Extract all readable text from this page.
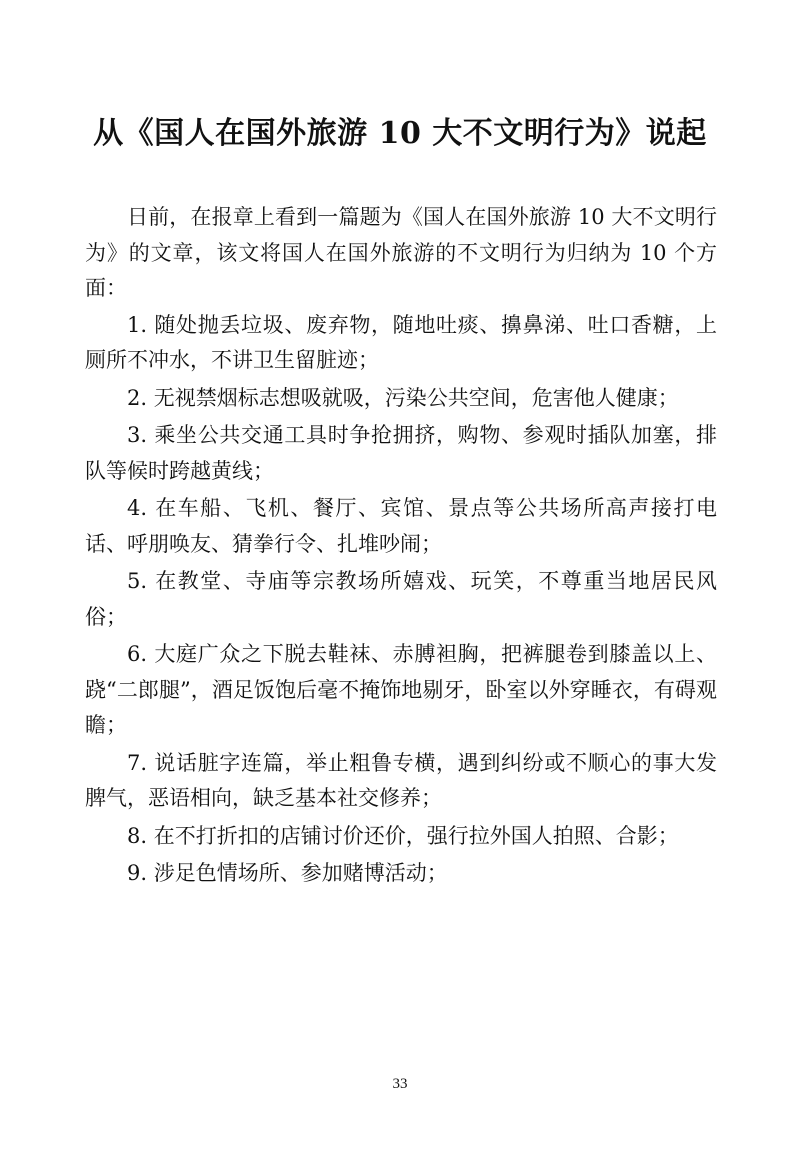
从《国人在国外旅游 10 大不文明行为》说起

日前，在报章上看到一篇题为《国人在国外旅游 10 大不文明行为》的文章，该文将国人在国外旅游的不文明行为归纳为 10 个方面：

1. 随处抛丢垃圾、废弃物，随地吐痰、擤鼻涕、吐口香糖，上厕所不冲水，不讲卫生留脏迹；

2. 无视禁烟标志想吸就吸，污染公共空间，危害他人健康；

3. 乘坐公共交通工具时争抢拥挤，购物、参观时插队加塞，排队等候时跨越黄线；

4. 在车船、飞机、餐厅、宾馆、景点等公共场所高声接打电话、呼朋唤友、猜拳行令、扎堆吵闹；

5. 在教堂、寺庙等宗教场所嬉戏、玩笑，不尊重当地居民风俗；

6. 大庭广众之下脱去鞋袜、赤膊袒胸，把裤腿卷到膝盖以上、跷“二郎腿”，酒足饭饱后毫不掩饰地剔牙，卧室以外穿睡衣，有碍观瞻；

7. 说话脏字连篇，举止粗鲁专横，遇到纠纷或不顺心的事大发脾气，恶语相向，缺乏基本社交修养；

8. 在不打折扣的店铺讨价还价，强行拉外国人拍照、合影；

9. 涉足色情场所、参加赌博活动；

33
